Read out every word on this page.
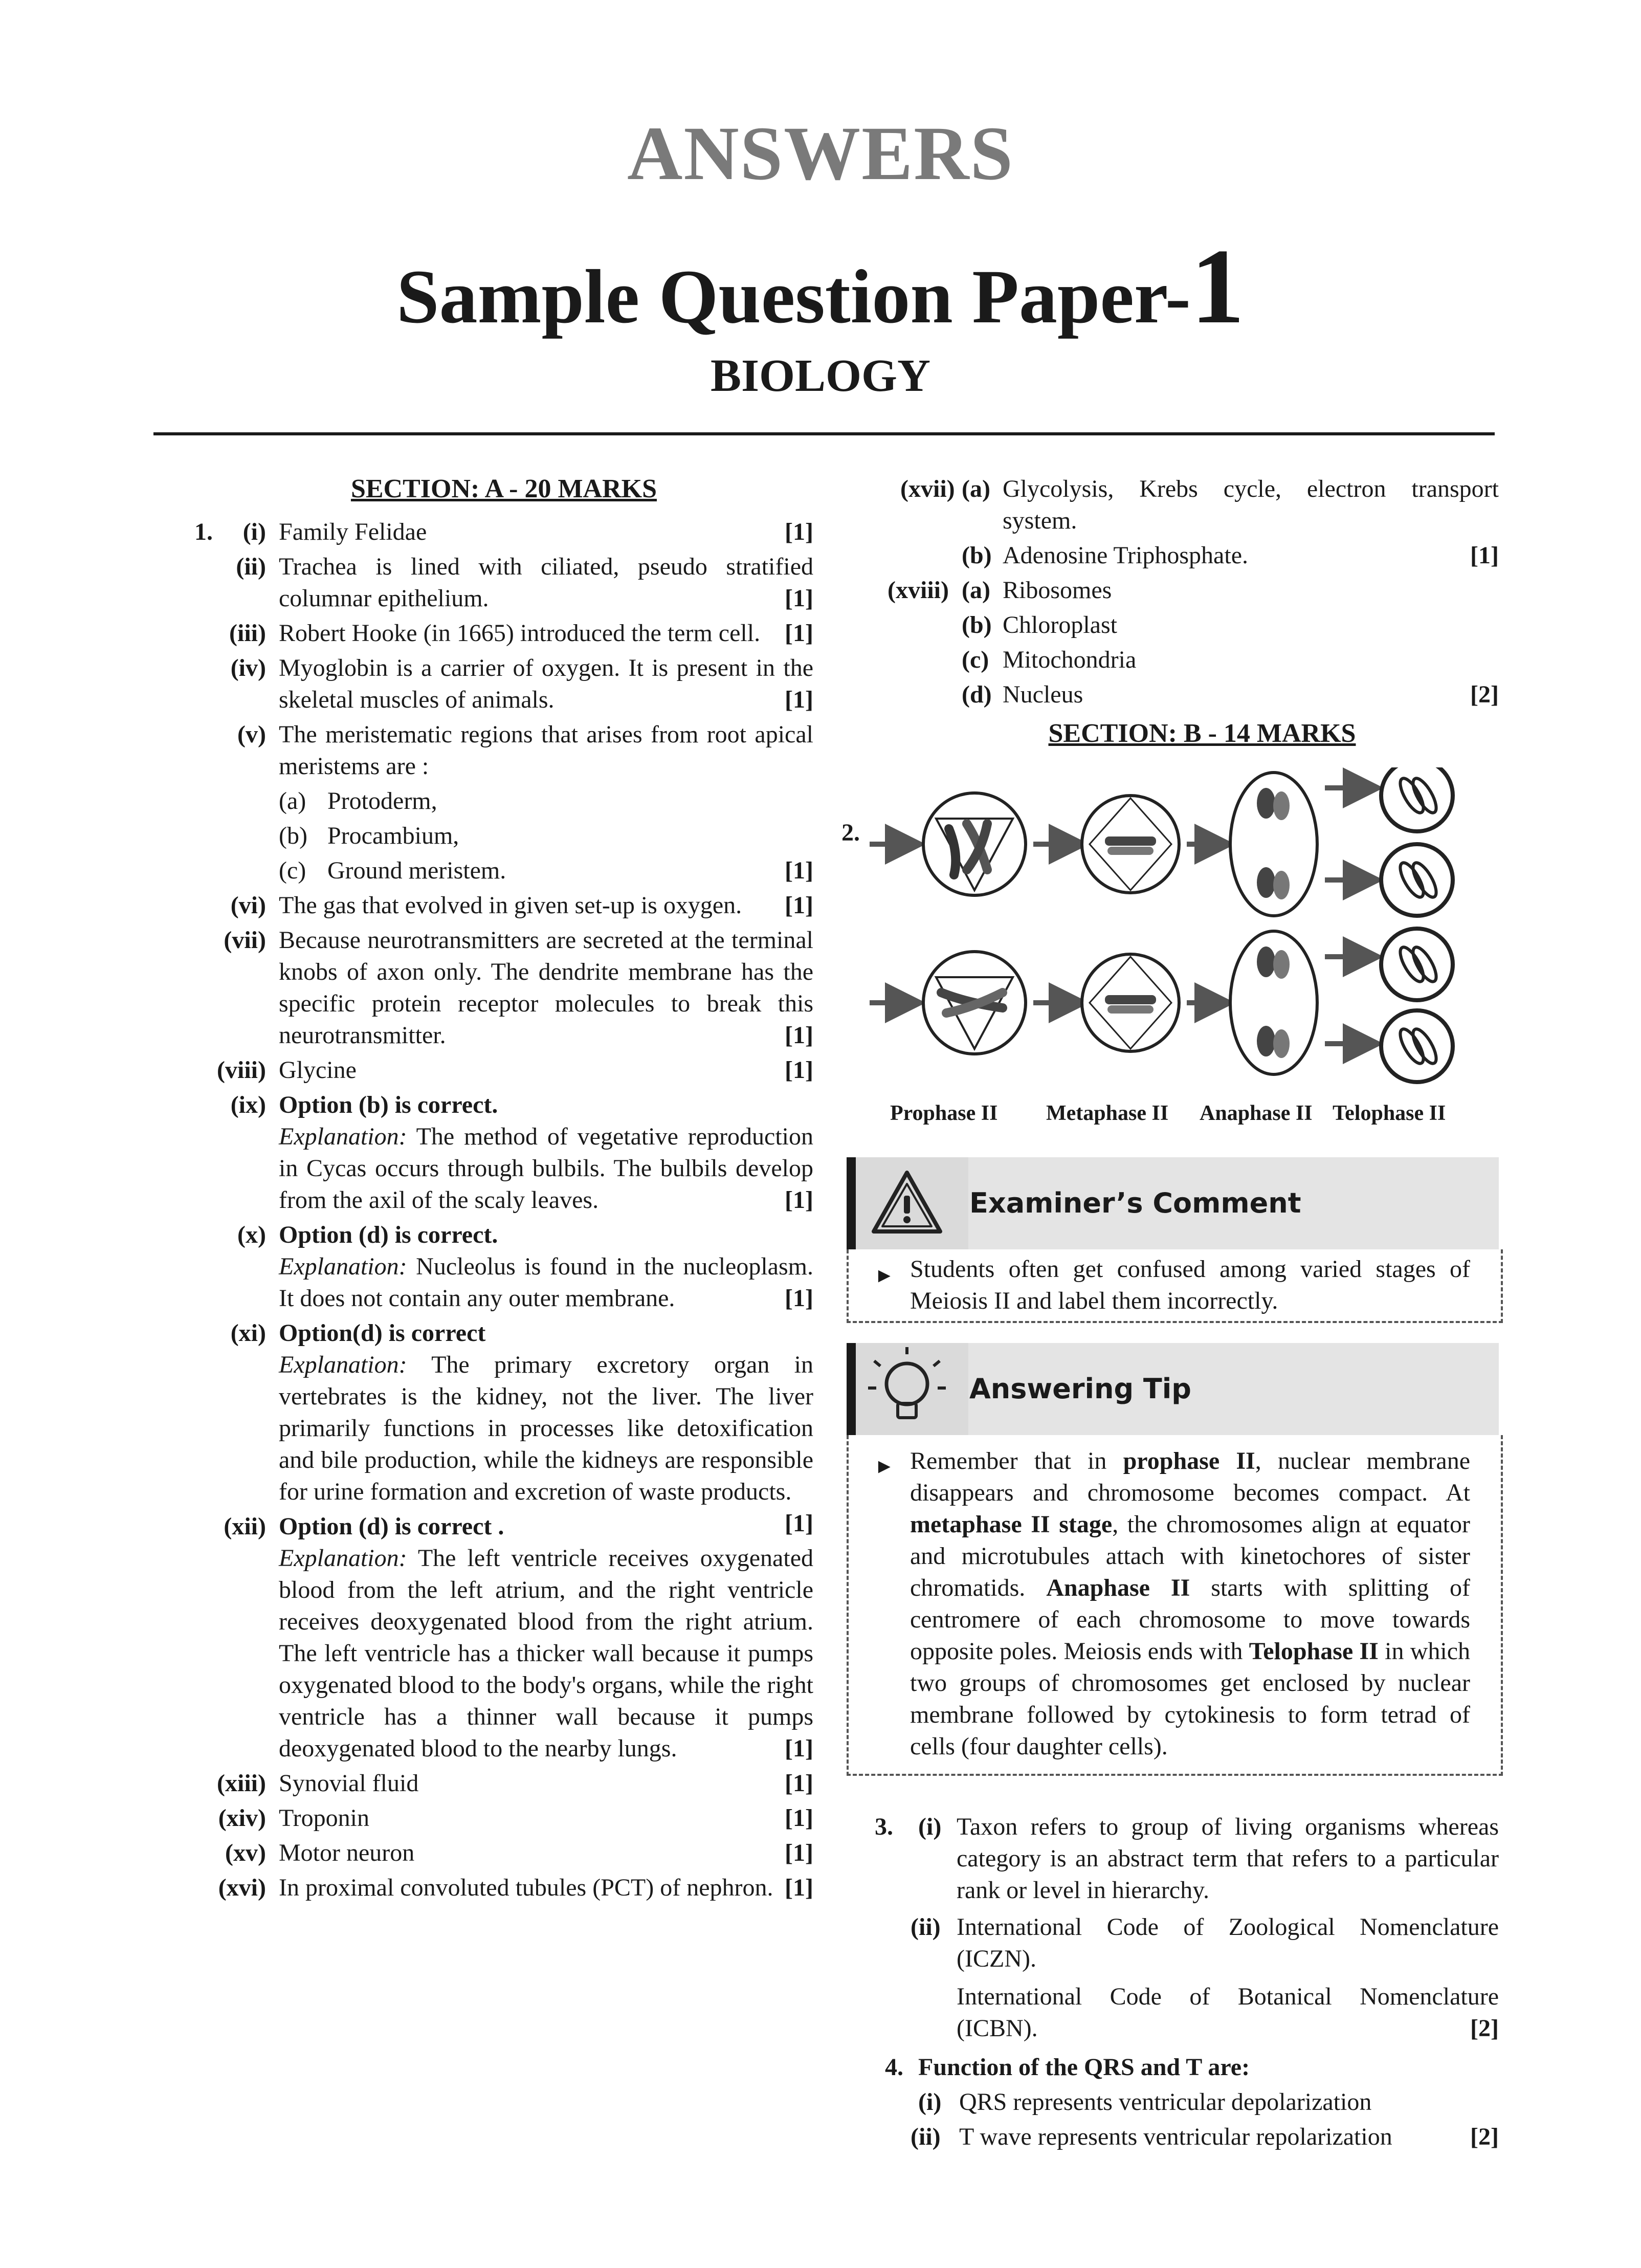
ANSWERS
Sample Question Paper-1
BIOLOGY
SECTION: A - 20 MARKS
1.	(i)	[1]
Family Felidae
(ii) Trachea is lined with ciliated, pseudo stratified columnar epithelium.	[1]
(iii) Robert Hooke (in 1665) introduced the term cell. [1]
(iv) Myoglobin is a carrier of oxygen. It is present in the skeletal muscles of animals.	[1]
(v) The meristematic regions that arises from root apical meristems are :
(a) Protoderm,
(b) Procambium,
(c)	[1]
Ground meristem.
(vi) The gas that evolved in given set-up is oxygen. [1]
(vii) Because neurotransmitters are secreted at the terminal knobs of axon only. The dendrite membrane has the specific protein receptor molecules to break this neurotransmitter.	[1]
(viii)	[1]
Glycine
(ix) Option (b) is correct.
Explanation: The method of vegetative reproduction in Cycas occurs through bulbils. The bulbils develop from the axil of the scaly leaves.	[1]
(x) Option (d) is correct.
Explanation: Nucleolus is found in the nucleoplasm. It does not contain any outer membrane.	[1]
(xi) Option(d) is correct
Explanation: The primary excretory organ in vertebrates is the kidney, not the liver. The liver primarily functions in processes like detoxification and bile production, while the kidneys are responsible for urine formation and excretion of waste products.
[1]
(xii) Option (d) is correct .
Explanation: The left ventricle receives oxygenated blood from the left atrium, and the right ventricle receives deoxygenated blood from the right atrium. The left ventricle has a thicker wall because it pumps oxygenated blood to the body's organs, while the right ventricle has a thinner wall because it pumps deoxygenated blood to the nearby lungs.	[1]
(xiii)	[1]
Synovial fluid
(xiv)	[1]
Troponin
(xv)	[1]
Motor neuron
(xvi) In proximal convoluted tubules (PCT) of nephron. [1]
(xvii) (a) Glycolysis, Krebs cycle, electron transport system.
(b)	[1]
Adenosine Triphosphate.
(xviii) (a) Ribosomes
(b) Chloroplast
(c) Mitochondria
(d)	[2]
Nucleus
SECTION: B - 14 MARKS
2.
Prophase II Metaphase II Anaphase II Telophase II
Examiner’s Comment
► Students often get confused among varied stages of Meiosis II and label them incorrectly.
Answering Tip
► Remember that in prophase II, nuclear membrane disappears and chromosome becomes compact. At metaphase II stage, the chromosomes align at equator and microtubules attach with kinetochores of sister chromatids. Anaphase II starts with splitting of centromere of each chromosome to move towards opposite poles. Meiosis ends with Telophase II in which two groups of chromosomes get enclosed by nuclear membrane followed by cytokinesis to form tetrad of cells (four daughter cells).
3. (i) Taxon refers to group of living organisms whereas category is an abstract term that refers to a particular rank or level in hierarchy.
(ii) International Code of Zoological Nomenclature (ICZN).
International Code of Botanical Nomenclature (ICBN).	[2]
4. Function of the QRS and T are:
(i) QRS represents ventricular depolarization
(ii)	[2]
T wave represents ventricular repolarization
